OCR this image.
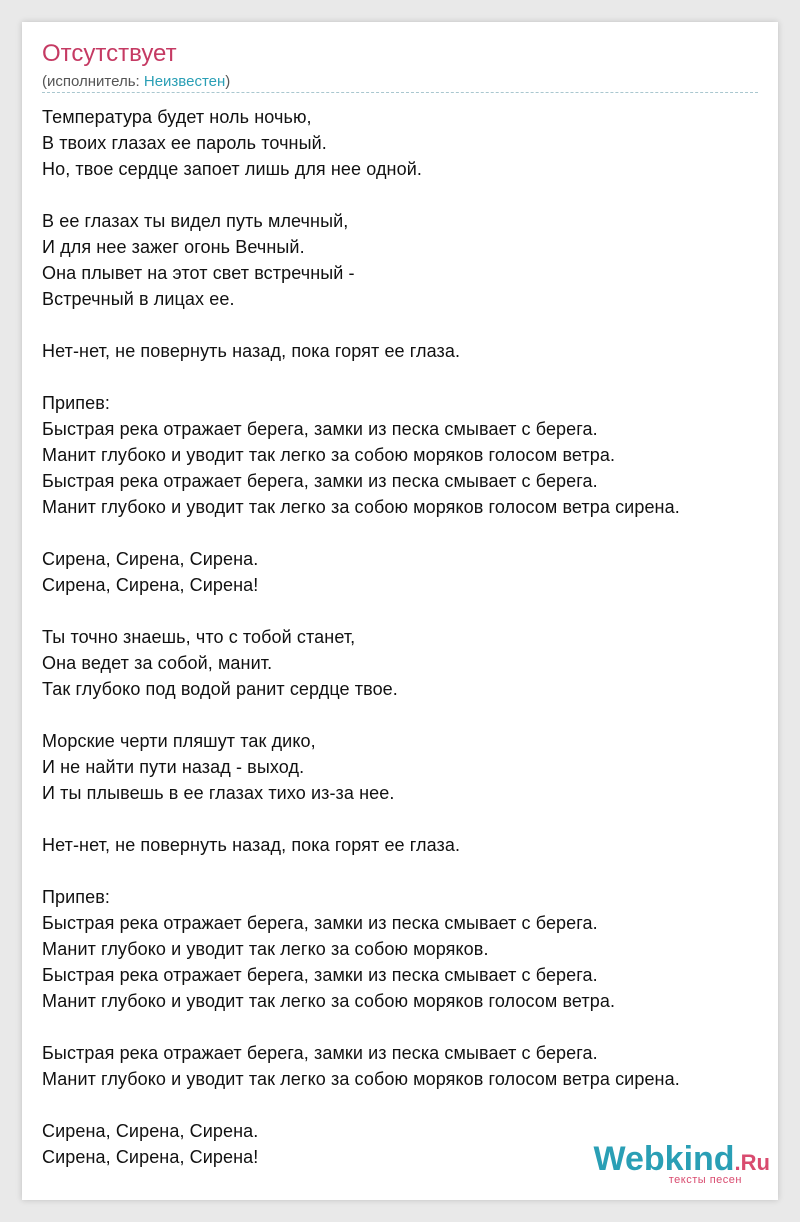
Отсутствует
(исполнитель: Неизвестен)
Температура будет ноль ночью,
В твоих глазах ее пароль точный.
Но, твое сердце запоет лишь для нее одной.
В ее глазах ты видел путь млечный,
И для нее зажег огонь Вечный.
Она плывет на этот свет встречный -
Встречный в лицах ее.
Нет-нет, не повернуть назад, пока горят ее глаза.
Припев:
Быстрая река отражает берега, замки из песка смывает с берега.
Манит глубоко и уводит так легко за собою моряков голосом ветра.
Быстрая река отражает берега, замки из песка смывает с берега.
Манит глубоко и уводит так легко за собою моряков голосом ветра сирена.
Сирена, Сирена, Сирена.
Сирена, Сирена, Сирена!
Ты точно знаешь, что с тобой станет,
Она ведет за собой, манит.
Так глубоко под водой ранит сердце твое.
Морские черти пляшут так дико,
И не найти пути назад - выход.
И ты плывешь в ее глазах тихо из-за нее.
Нет-нет, не повернуть назад, пока горят ее глаза.
Припев:
Быстрая река отражает берега, замки из песка смывает с берега.
Манит глубоко и уводит так легко за собою моряков.
Быстрая река отражает берега, замки из песка смывает с берега.
Манит глубоко и уводит так легко за собою моряков голосом ветра.
Быстрая река отражает берега, замки из песка смывает с берега.
Манит глубоко и уводит так легко за собою моряков голосом ветра сирена.
Сирена, Сирена, Сирена.
Сирена, Сирена, Сирена!	Webkind.Ru
тексты песен
